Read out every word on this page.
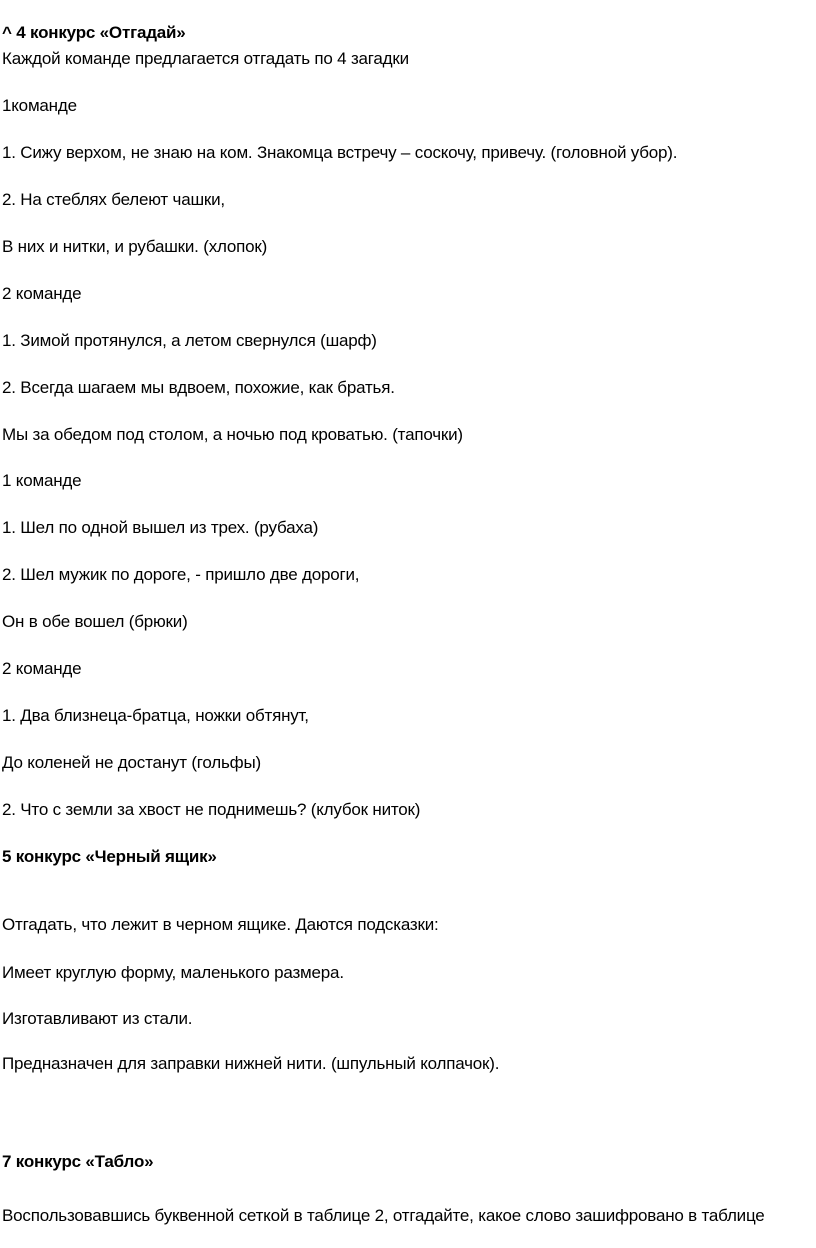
^ 4 конкурс «Отгадай»
Каждой команде предлагается отгадать по 4 загадки
1команде
1. Сижу верхом, не знаю на ком. Знакомца встречу – соскочу, привечу. (головной убор).
2. На стеблях белеют чашки,
В них и нитки, и рубашки. (хлопок)
2 команде
1. Зимой протянулся, а летом свернулся (шарф)
2. Всегда шагаем мы вдвоем, похожие, как братья.
Мы за обедом под столом, а ночью под кроватью. (тапочки)
1 команде
1. Шел по одной вышел из трех. (рубаха)
2. Шел мужик по дороге, - пришло две дороги,
Он в обе вошел (брюки)
2 команде
1. Два близнеца-братца, ножки обтянут,
До коленей не достанут (гольфы)
2. Что с земли за хвост не поднимешь? (клубок ниток)
5 конкурс «Черный ящик»
Отгадать, что лежит в черном ящике. Даются подсказки:
Имеет круглую форму, маленького размера.
Изготавливают из стали.
Предназначен для заправки нижней нити. (шпульный колпачок).
7 конкурс «Табло»
Воспользовавшись буквенной сеткой в таблице 2, отгадайте, какое слово зашифровано в таблице
